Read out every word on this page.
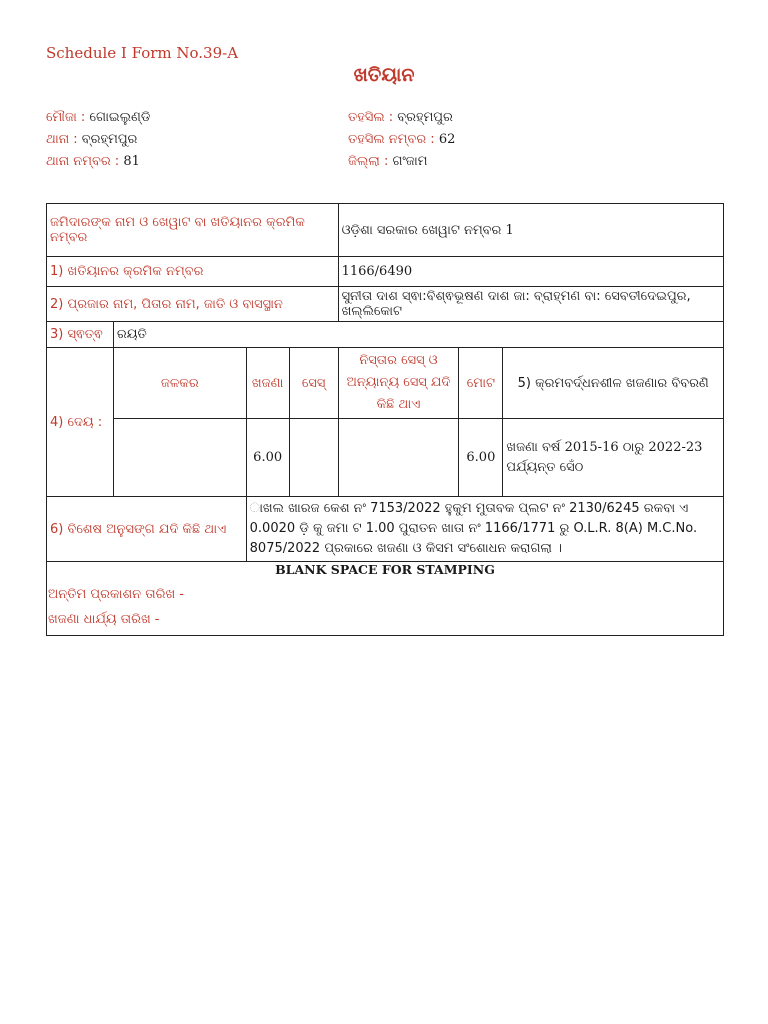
Schedule I Form No.39-A
ଖତିୟାନ
ମୌଜା : ଗୋଇଲୁଣ୍ଡି
ଥାନା : ବ୍ରହ୍ମପୁର
ଥାନା ନମ୍ବର : 81
ତହସିଲ : ବ୍ରହ୍ମପୁର
ତହସିଲ ନମ୍ବର : 62
ଜିଲ୍ଲା : ଗଂଜାମ
ଜମିଦାରଙ୍କ ନାମ ଓ ଖେୱାଟ ବା ଖତିୟାନର କ୍ରମିକ ନମ୍ବର				ଓଡ଼ିଶା ସରକାର ଖେୱାଟ ନମ୍ବର 1		
1) ଖତିୟାନର କ୍ରମିକ ନମ୍ବର				1166/6490		
2) ପ୍ରଜାର ନାମ, ପିତାର ନାମ, ଜାତି ଓ ବାସସ୍ଥାନ				ସୁନୀତା ଦାଶ ସ୍ଵା:ବିଶ୍ଵଭୂଷଣ ଦାଶ ଜା: ବ୍ରାହ୍ମଣ ବା: ସେବତୀଦେଇପୁର, ଖଲ୍ଲିକୋଟ		
3) ସ୍ଵତ୍ଵ	ରୟତି					
4) ଦେୟ :	ଜଳକର	ଖଜଣା	ସେସ୍	ନିସ୍ତାର ସେସ୍ ଓ ଅନ୍ୟାନ୍ୟ ସେସ୍ ଯଦି କିଛି ଥାଏ	ମୋଟ	5) କ୍ରମବର୍ଦ୍ଧନଶୀଳ ଖଜଣାର ବିବରଣି
		6.00			6.00	ଖଜଣା ବର୍ଷ 2015-16 ଠାରୁ 2022-23 ପର୍ଯ୍ୟନ୍ତ ସେଁଠ
6) ବିଶେଷ ଅନୁସଙ୍ଗ ଯଦି କିଛି ଥାଏ		ାଖଲ ଖାରଜ କେଶ ନଂ 7153/2022 ହୁକୁମ ମୁତାବକ ପ୍ଲଟ ନଂ 2130/6245 ରକବା ଏ 0.0020 ଡ଼ି କୁ ଜମା ଟ 1.00 ପୁରାତନ ଖାତା ନଂ 1166/1771 ରୁ O.L.R. 8(A) M.C.No. 8075/2022 ପ୍ରକାରେ ଖଜଣା ଓ କିସମ ସଂଶୋଧନ କରାଗଲା ।				

BLANK SPACE FOR STAMPING
ଅନ୍ତିମ ପ୍ରକାଶନ ତାରିଖ -
ଖଜଣା ଧାର୍ଯ୍ୟ ତାରିଖ -						
